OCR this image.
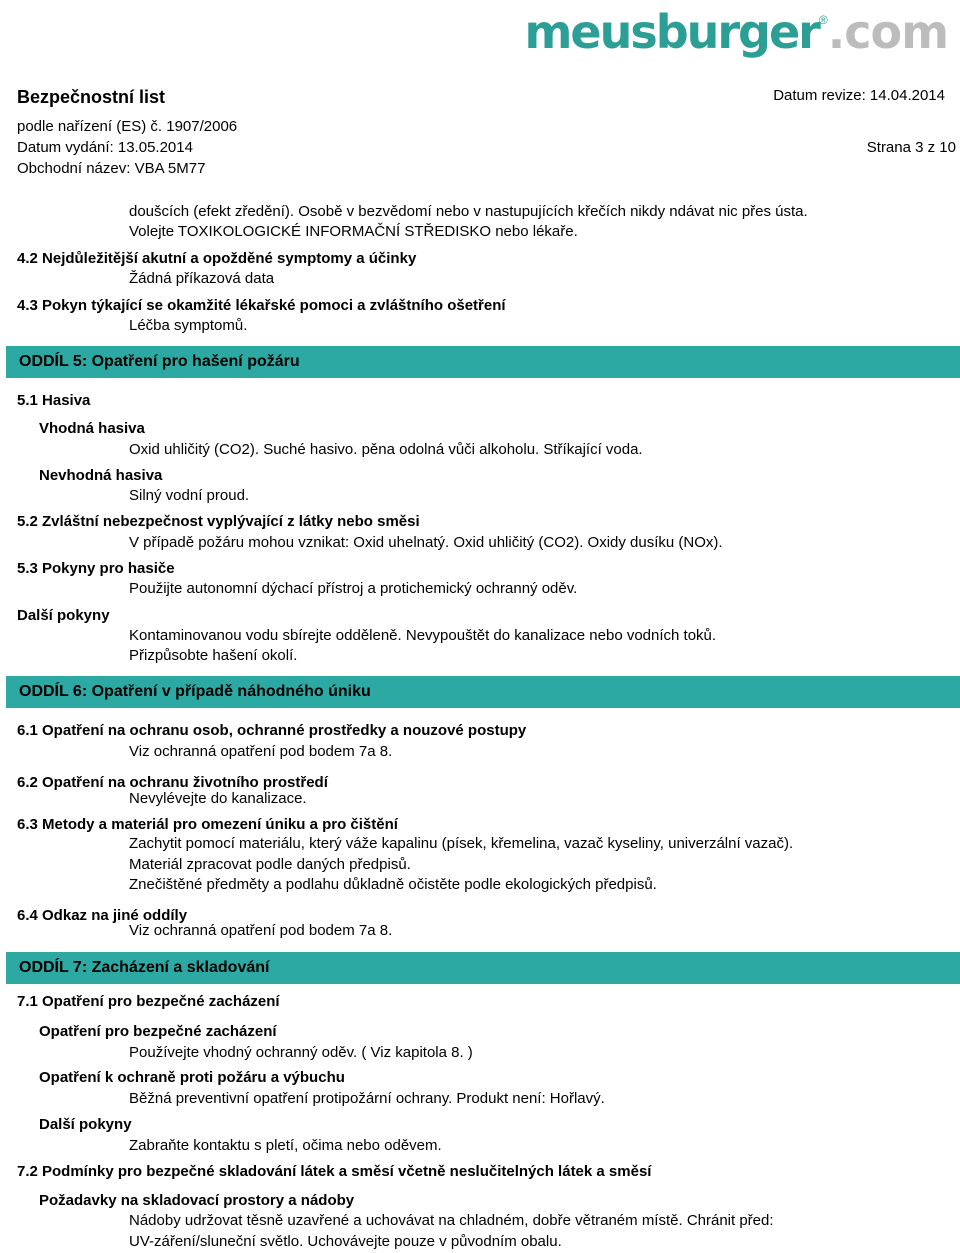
meusburger®.com
Bezpečnostní list	Datum revize: 14.04.2014
podle nařízení (ES) č. 1907/2006
Datum vydání: 13.05.2014	Strana 3 z 10
Obchodní název: VBA 5M77
doušcích (efekt zředění). Osobě v bezvědomí nebo v nastupujících křečích nikdy ndávat nic přes ústa.
Volejte TOXIKOLOGICKÉ INFORMAČNÍ STŘEDISKO nebo lékaře.
4.2 Nejdůležitější akutní a opožděné symptomy a účinky
Žádná příkazová data
4.3 Pokyn týkající se okamžité lékařské pomoci a zvláštního ošetření
Léčba symptomů.
ODDÍL 5: Opatření pro hašení požáru
5.1 Hasiva
Vhodná hasiva
Oxid uhličitý (CO2). Suché hasivo. pěna odolná vůči alkoholu. Stříkající voda.
Nevhodná hasiva
Silný vodní proud.
5.2 Zvláštní nebezpečnost vyplývající z látky nebo směsi
V případě požáru mohou vznikat: Oxid uhelnatý. Oxid uhličitý (CO2). Oxidy dusíku (NOx).
5.3 Pokyny pro hasiče
Použijte autonomní dýchací přístroj a protichemický ochranný oděv.
Další pokyny
Kontaminovanou vodu sbírejte odděleně. Nevypouštět do kanalizace nebo vodních toků.
Přizpůsobte hašení okolí.
ODDÍL 6: Opatření v případě náhodného úniku
6.1 Opatření na ochranu osob, ochranné prostředky a nouzové postupy
Viz ochranná opatření pod bodem 7a 8.
6.2 Opatření na ochranu životního prostředí
Nevylévejte do kanalizace.
6.3 Metody a materiál pro omezení úniku a pro čištění
Zachytit pomocí materiálu, který váže kapalinu (písek, křemelina, vazač kyseliny, univerzální vazač).
Materiál zpracovat podle daných předpisů.
Znečištěné předměty a podlahu důkladně očistěte podle ekologických předpisů.
6.4 Odkaz na jiné oddíly
Viz ochranná opatření pod bodem 7a 8.
ODDÍL 7: Zacházení a skladování
7.1 Opatření pro bezpečné zacházení
Opatření pro bezpečné zacházení
Používejte vhodný ochranný oděv. ( Viz kapitola 8. )
Opatření k ochraně proti požáru a výbuchu
Běžná preventivní opatření protipožární ochrany. Produkt není: Hořlavý.
Další pokyny
Zabraňte kontaktu s pletí, očima nebo oděvem.
7.2 Podmínky pro bezpečné skladování látek a směsí včetně neslučitelných látek a směsí
Požadavky na skladovací prostory a nádoby
Nádoby udržovat těsně uzavřené a uchovávat na chladném, dobře větraném místě. Chránit před:
UV-záření/sluneční světlo. Uchovávejte pouze v původním obalu.
